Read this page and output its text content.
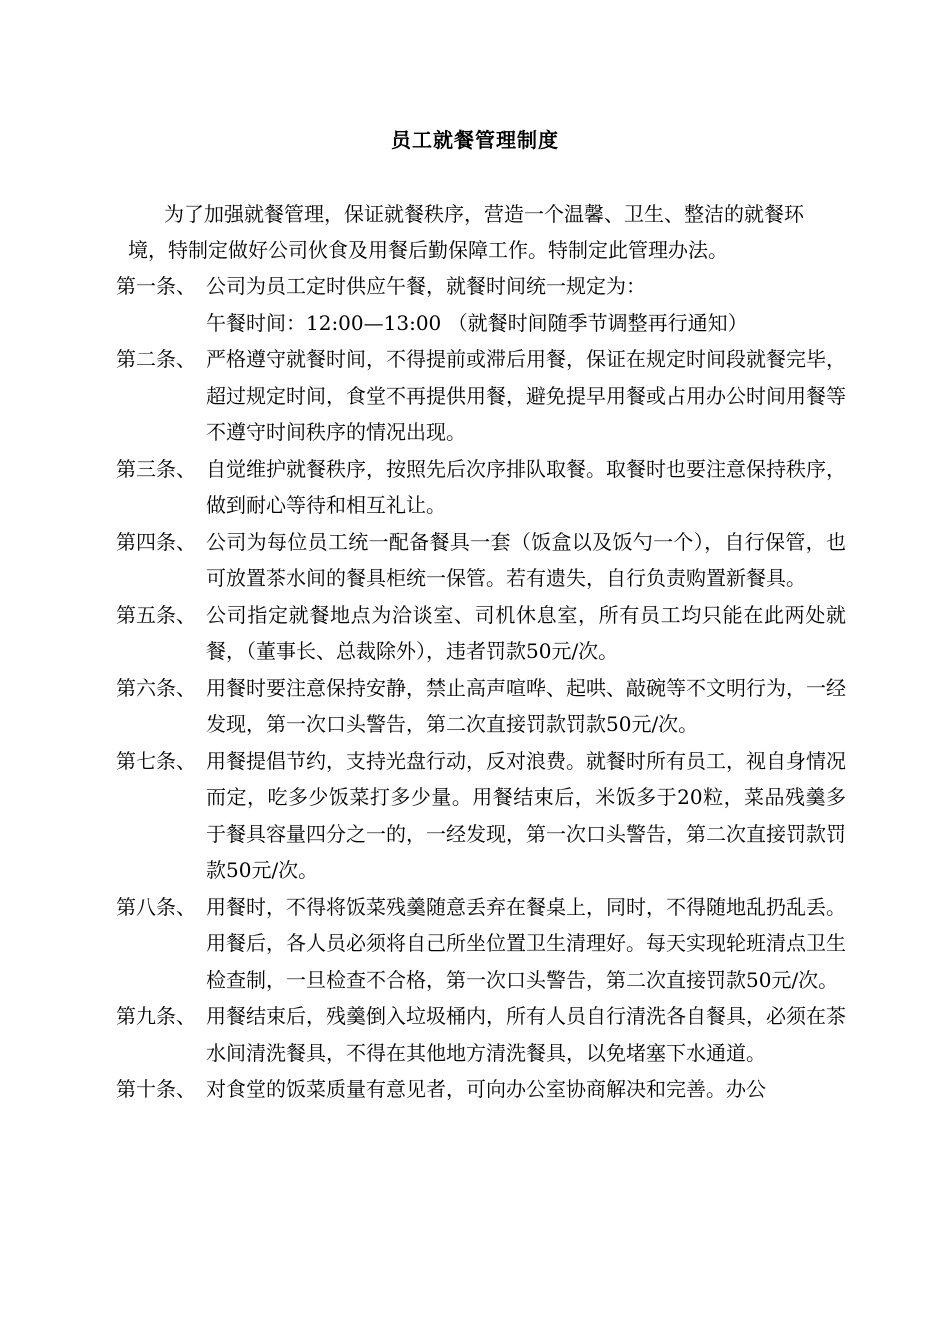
员工就餐管理制度
为了加强就餐管理，保证就餐秩序，营造一个温馨、卫生、整洁的就餐环境，特制定做好公司伙食及用餐后勤保障工作。特制定此管理办法。
第一条、 公司为员工定时供应午餐，就餐时间统一规定为：
午餐时间：12:00—13:00 （就餐时间随季节调整再行通知）
第二条、 严格遵守就餐时间，不得提前或滞后用餐，保证在规定时间段就餐完毕，超过规定时间，食堂不再提供用餐，避免提早用餐或占用办公时间用餐等不遵守时间秩序的情况出现。
第三条、 自觉维护就餐秩序，按照先后次序排队取餐。取餐时也要注意保持秩序，做到耐心等待和相互礼让。
第四条、 公司为每位员工统一配备餐具一套（饭盒以及饭勺一个），自行保管，也可放置茶水间的餐具柜统一保管。若有遗失，自行负责购置新餐具。
第五条、 公司指定就餐地点为洽谈室、司机休息室，所有员工均只能在此两处就餐，（董事长、总裁除外），违者罚款50元/次。
第六条、 用餐时要注意保持安静，禁止高声喧哗、起哄、敲碗等不文明行为，一经发现，第一次口头警告，第二次直接罚款罚款50元/次。
第七条、 用餐提倡节约，支持光盘行动，反对浪费。就餐时所有员工，视自身情况而定，吃多少饭菜打多少量。用餐结束后，米饭多于20粒，菜品残羹多于餐具容量四分之一的，一经发现，第一次口头警告，第二次直接罚款罚款50元/次。
第八条、 用餐时，不得将饭菜残羹随意丢弃在餐桌上，同时，不得随地乱扔乱丢。用餐后，各人员必须将自己所坐位置卫生清理好。每天实现轮班清点卫生检查制，一旦检查不合格，第一次口头警告，第二次直接罚款50元/次。
第九条、 用餐结束后，残羹倒入垃圾桶内，所有人员自行清洗各自餐具，必须在茶水间清洗餐具，不得在其他地方清洗餐具，以免堵塞下水通道。
第十条、 对食堂的饭菜质量有意见者，可向办公室协商解决和完善。办公
